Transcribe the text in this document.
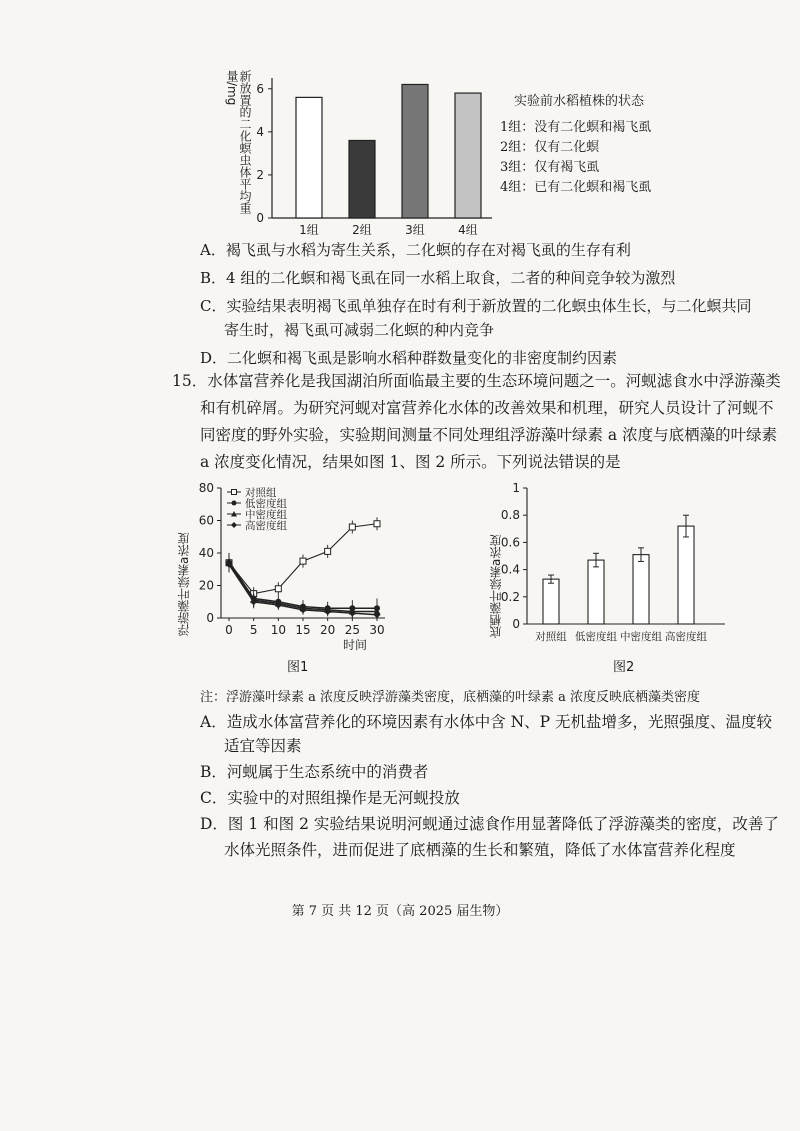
0
2
4
6
1组	2组	3组	4组
新放置的二化螟虫体平均重量/mg	实验前水稻植株的状态
1组：没有二化螟和褐飞虱
2组：仅有二化螟
3组：仅有褐飞虱
4组：已有二化螟和褐飞虱
A．褐飞虱与水稻为寄生关系，二化螟的存在对褐飞虱的生存有利
B．4 组的二化螟和褐飞虱在同一水稻上取食，二者的种间竞争较为激烈
C．实验结果表明褐飞虱单独存在时有利于新放置的二化螟虫体生长，与二化螟共同
寄生时，褐飞虱可减弱二化螟的种内竞争
D．二化螟和褐飞虱是影响水稻种群数量变化的非密度制约因素
15．水体富营养化是我国湖泊所面临最主要的生态环境问题之一。河蚬滤食水中浮游藻类
和有机碎屑。为研究河蚬对富营养化水体的改善效果和机理，研究人员设计了河蚬不
同密度的野外实验，实验期间测量不同处理组浮游藻叶绿素 a 浓度与底栖藻的叶绿素
a 浓度变化情况，结果如图 1、图 2 所示。下列说法错误的是
0
20
40
60
80
0 5 10 15 20 25 30
对照组
低密度组
中密度组
高密度组
浮游藻叶绿素a浓度
时间
图1
0
0.2
0.4
0.6
0.8
1
对照组 低密度组 中密度组 高密度组
底栖藻叶绿素a浓度
图2
注：浮游藻叶绿素 a 浓度反映浮游藻类密度，底栖藻的叶绿素 a 浓度反映底栖藻类密度
A．造成水体富营养化的环境因素有水体中含 N、P 无机盐增多，光照强度、温度较
适宜等因素
B．河蚬属于生态系统中的消费者
C．实验中的对照组操作是无河蚬投放
D．图 1 和图 2 实验结果说明河蚬通过滤食作用显著降低了浮游藻类的密度，改善了
水体光照条件，进而促进了底栖藻的生长和繁殖，降低了水体富营养化程度
第 7 页 共 12 页（高 2025 届生物）
